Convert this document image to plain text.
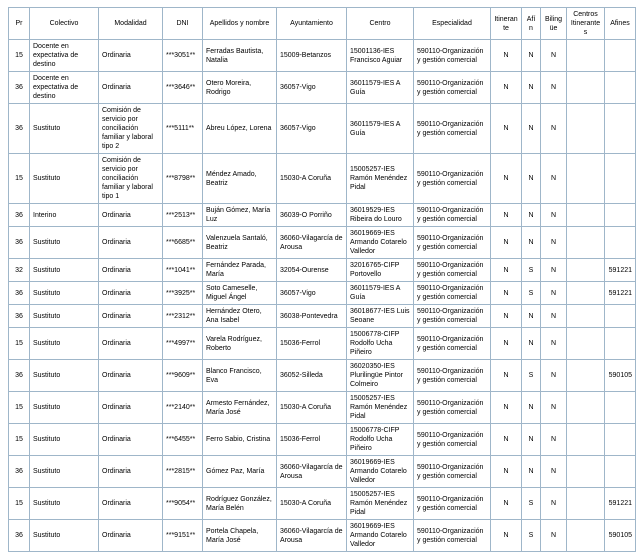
Pr	Colectivo	Modalidad	DNI	Apellidos y nombre	Ayuntamiento	Centro	Especialidad	Itinerante	Afín	Bilingüe	Centros Itinerantes	Afines
15	Docente en expectativa de destino	Ordinaria	***3051**	Ferradas Bautista, Natalia	15009-Betanzos	15001136-IES Francisco Aguiar	590110-Organización y gestión comercial	N	N	N		
36	Docente en expectativa de destino	Ordinaria	***3646**	Otero Moreira, Rodrigo	36057-Vigo	36011579-IES A Guía	590110-Organización y gestión comercial	N	N	N		
36	Sustituto	Comisión de servicio por conciliación familiar y laboral tipo 2	***5111**	Abreu López, Lorena	36057-Vigo	36011579-IES A Guía	590110-Organización y gestión comercial	N	N	N		
15	Sustituto	Comisión de servicio por conciliación familiar y laboral tipo 1	***8798**	Méndez Amado, Beatriz	15030-A Coruña	15005257-IES Ramón Menéndez Pidal	590110-Organización y gestión comercial	N	N	N		
36	Interino	Ordinaria	***2513**	Buján Gómez, María Luz	36039-O Porriño	36019529-IES Ribeira do Louro	590110-Organización y gestión comercial	N	N	N		
36	Sustituto	Ordinaria	***6685**	Valenzuela Santaló, Beatriz	36060-Vilagarcía de Arousa	36019669-IES Armando Cotarelo Valledor	590110-Organización y gestión comercial	N	N	N		
32	Sustituto	Ordinaria	***1041**	Fernández Parada, María	32054-Ourense	32016765-CIFP Portovello	590110-Organización y gestión comercial	N	S	N		591221
36	Sustituto	Ordinaria	***3925**	Soto Cameselle, Miguel Ángel	36057-Vigo	36011579-IES A Guía	590110-Organización y gestión comercial	N	S	N		591221
36	Sustituto	Ordinaria	***2312**	Hernández Otero, Ana Isabel	36038-Pontevedra	36018677-IES Luis Seoane	590110-Organización y gestión comercial	N	N	N		
15	Sustituto	Ordinaria	***4997**	Varela Rodríguez, Roberto	15036-Ferrol	15006778-CIFP Rodolfo Ucha Piñeiro	590110-Organización y gestión comercial	N	N	N		
36	Sustituto	Ordinaria	***9609**	Blanco Francisco, Eva	36052-Silleda	36020350-IES Plurilingüe Pintor Colmeiro	590110-Organización y gestión comercial	N	S	N		590105
15	Sustituto	Ordinaria	***2140**	Armesto Fernández, María José	15030-A Coruña	15005257-IES Ramón Menéndez Pidal	590110-Organización y gestión comercial	N	N	N		
15	Sustituto	Ordinaria	***6455**	Ferro Sabio, Cristina	15036-Ferrol	15006778-CIFP Rodolfo Ucha Piñeiro	590110-Organización y gestión comercial	N	N	N		
36	Sustituto	Ordinaria	***2815**	Gómez Paz, María	36060-Vilagarcía de Arousa	36019669-IES Armando Cotarelo Valledor	590110-Organización y gestión comercial	N	N	N		
15	Sustituto	Ordinaria	***9054**	Rodríguez González, María Belén	15030-A Coruña	15005257-IES Ramón Menéndez Pidal	590110-Organización y gestión comercial	N	S	N		591221
36	Sustituto	Ordinaria	***9151**	Portela Chapela, María José	36060-Vilagarcía de Arousa	36019669-IES Armando Cotarelo Valledor	590110-Organización y gestión comercial	N	S	N		590105
